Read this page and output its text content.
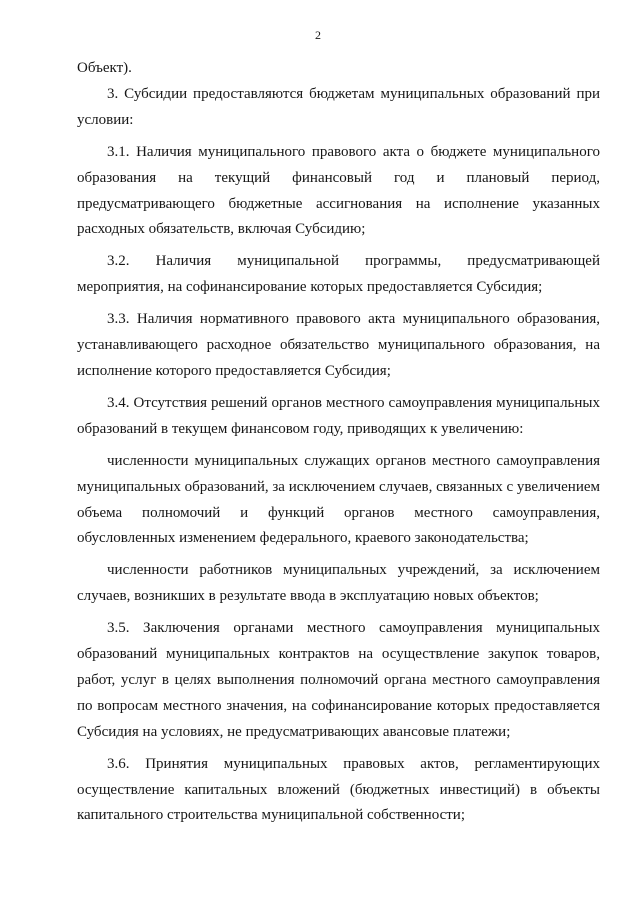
2

Объект).

3. Субсидии предоставляются бюджетам муниципальных образований при условии:

3.1. Наличия муниципального правового акта о бюджете муниципального образования на текущий финансовый год и плановый период, предусматривающего бюджетные ассигнования на исполнение указанных расходных обязательств, включая Субсидию;

3.2. Наличия муниципальной программы, предусматривающей мероприятия, на софинансирование которых предоставляется Субсидия;

3.3. Наличия нормативного правового акта муниципального образования, устанавливающего расходное обязательство муниципального образования, на исполнение которого предоставляется Субсидия;

3.4. Отсутствия решений органов местного самоуправления муниципальных образований в текущем финансовом году, приводящих к увеличению:

численности муниципальных служащих органов местного самоуправления муниципальных образований, за исключением случаев, связанных с увеличением объема полномочий и функций органов местного самоуправления, обусловленных изменением федерального, краевого законодательства;

численности работников муниципальных учреждений, за исключением случаев, возникших в результате ввода в эксплуатацию новых объектов;

3.5. Заключения органами местного самоуправления муниципальных образований муниципальных контрактов на осуществление закупок товаров, работ, услуг в целях выполнения полномочий органа местного самоуправления по вопросам местного значения, на софинансирование которых предоставляется Субсидия на условиях, не предусматривающих авансовые платежи;

3.6. Принятия муниципальных правовых актов, регламентирующих осуществление капитальных вложений (бюджетных инвестиций) в объекты капитального строительства муниципальной собственности;
